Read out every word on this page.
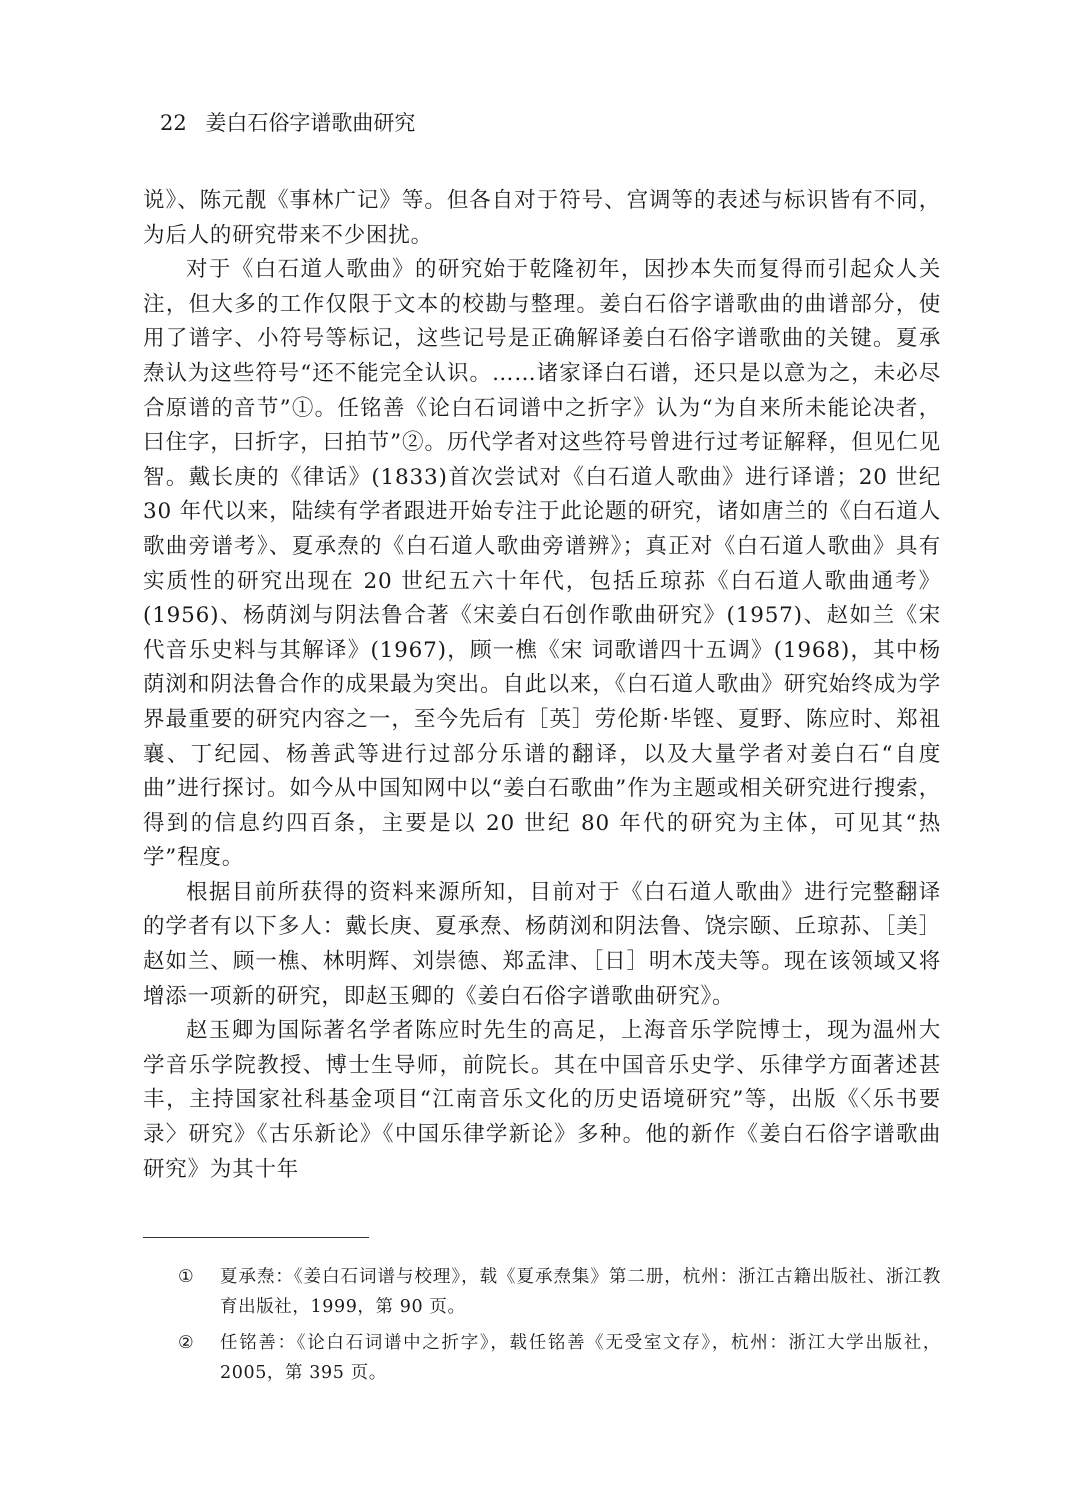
22 姜白石俗字谱歌曲研究

说》、陈元靓《事林广记》等。但各自对于符号、宫调等的表述与标识皆有不同，为后人的研究带来不少困扰。

对于《白石道人歌曲》的研究始于乾隆初年，因抄本失而复得而引起众人关注，但大多的工作仅限于文本的校勘与整理。姜白石俗字谱歌曲的曲谱部分，使用了谱字、小符号等标记，这些记号是正确解译姜白石俗字谱歌曲的关键。夏承焘认为这些符号“还不能完全认识。……诸家译白石谱，还只是以意为之，未必尽合原谱的音节”①。任铭善《论白石词谱中之折字》认为“为自来所未能论决者，曰住字，曰折字，曰拍节”②。历代学者对这些符号曾进行过考证解释，但见仁见智。戴长庚的《律话》(1833)首次尝试对《白石道人歌曲》进行译谱；20 世纪 30 年代以来，陆续有学者跟进开始专注于此论题的研究，诸如唐兰的《白石道人歌曲旁谱考》、夏承焘的《白石道人歌曲旁谱辨》；真正对《白石道人歌曲》具有实质性的研究出现在 20 世纪五六十年代，包括丘琼荪《白石道人歌曲通考》(1956)、杨荫浏与阴法鲁合著《宋姜白石创作歌曲研究》(1957)、赵如兰《宋代音乐史料与其解译》(1967)，顾一樵《宋 词歌谱四十五调》(1968)，其中杨荫浏和阴法鲁合作的成果最为突出。自此以来，《白石道人歌曲》研究始终成为学界最重要的研究内容之一，至今先后有［英］劳伦斯·毕铿、夏野、陈应时、郑祖襄、丁纪园、杨善武等进行过部分乐谱的翻译，以及大量学者对姜白石“自度曲”进行探讨。如今从中国知网中以“姜白石歌曲”作为主题或相关研究进行搜索，得到的信息约四百条，主要是以 20 世纪 80 年代的研究为主体，可见其“热学”程度。

根据目前所获得的资料来源所知，目前对于《白石道人歌曲》进行完整翻译的学者有以下多人：戴长庚、夏承焘、杨荫浏和阴法鲁、饶宗颐、丘琼荪、［美］赵如兰、顾一樵、林明辉、刘崇德、郑孟津、［日］明木茂夫等。现在该领域又将增添一项新的研究，即赵玉卿的《姜白石俗字谱歌曲研究》。

赵玉卿为国际著名学者陈应时先生的高足，上海音乐学院博士，现为温州大学音乐学院教授、博士生导师，前院长。其在中国音乐史学、乐律学方面著述甚丰，主持国家社科基金项目“江南音乐文化的历史语境研究”等，出版《〈乐书要录〉研究》《古乐新论》《中国乐律学新论》多种。他的新作《姜白石俗字谱歌曲研究》为其十年

① 夏承焘：《姜白石词谱与校理》，载《夏承焘集》第二册，杭州：浙江古籍出版社、浙江教育出版社，1999，第 90 页。
② 任铭善：《论白石词谱中之折字》，载任铭善《无受室文存》，杭州：浙江大学出版社，2005，第 395 页。
